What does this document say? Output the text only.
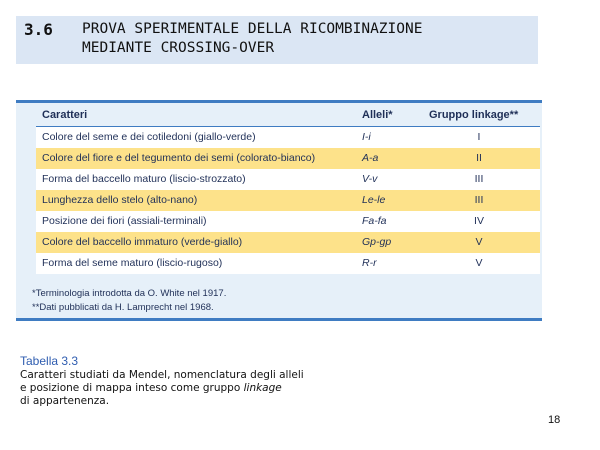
3.6 PROVA SPERIMENTALE DELLA RICOMBINAZIONE
MEDIANTE CROSSING-OVER
Caratteri	Alleli*	Gruppo linkage**
Colore del seme e dei cotiledoni (giallo-verde)	I-i	I
Colore del fiore e del tegumento dei semi (colorato-bianco)	A-a	II
Forma del baccello maturo (liscio-strozzato)	V-v	III
Lunghezza dello stelo (alto-nano)	Le-le	III
Posizione dei fiori (assiali-terminali)	Fa-fa	IV
Colore del baccello immaturo (verde-giallo)	Gp-gp	V
Forma del seme maturo (liscio-rugoso)	R-r	V
*Terminologia introdotta da O. White nel 1917.
**Dati pubblicati da H. Lamprecht nel 1968.
Tabella 3.3
Caratteri studiati da Mendel, nomenclatura degli alleli
e posizione di mappa inteso come gruppo linkage
di appartenenza.
18
